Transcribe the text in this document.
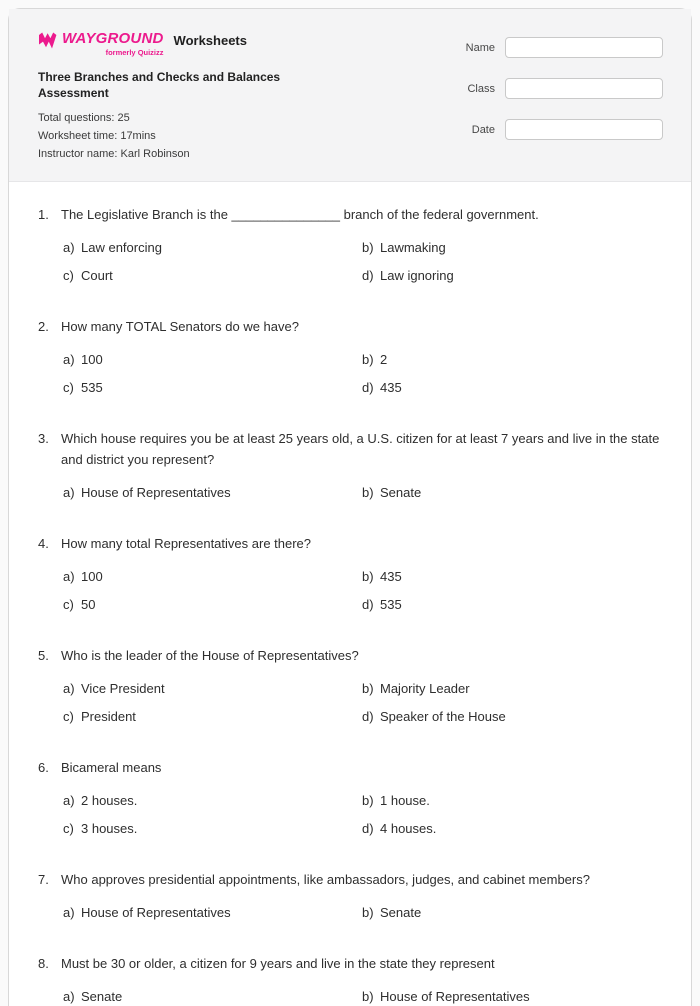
WAYGROUND
formerly Quizizz
Worksheets
Three Branches and Checks and Balances Assessment
Total questions: 25
Worksheet time: 17mins
Instructor name: Karl Robinson
Name
Class
Date
1. The Legislative Branch is the _______________ branch of the federal government.
a) Law enforcing	b) Lawmaking
c) Court	d) Law ignoring
2. How many TOTAL Senators do we have?
a) 100	b) 2
c) 535	d) 435
3. Which house requires you be at least 25 years old, a U.S. citizen for at least 7 years and live in the state and district you represent?
a) House of Representatives	b) Senate
4. How many total Representatives are there?
a) 100	b) 435
c) 50	d) 535
5. Who is the leader of the House of Representatives?
a) Vice President	b) Majority Leader
c) President	d) Speaker of the House
6. Bicameral means
a) 2 houses.	b) 1 house.
c) 3 houses.	d) 4 houses.
7. Who approves presidential appointments, like ambassadors, judges, and cabinet members?
a) House of Representatives	b) Senate
8. Must be 30 or older, a citizen for 9 years and live in the state they represent
a) Senate	b) House of Representatives
